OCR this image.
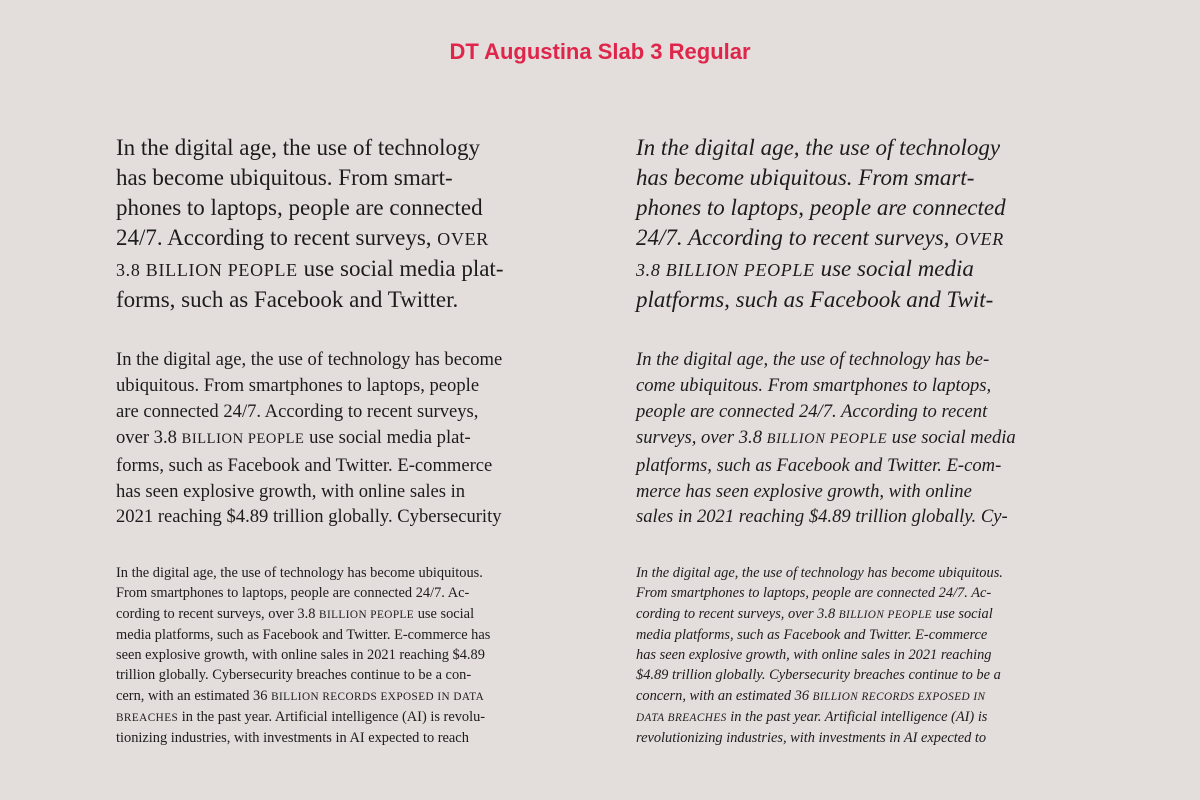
DT Augustina Slab 3 Regular
In the digital age, the use of technology
has become ubiquitous. From smart-
phones to laptops, people are connected
24/7. According to recent surveys, OVER
3.8 BILLION PEOPLE use social media plat-
forms, such as Facebook and Twitter.
In the digital age, the use of technology has become
ubiquitous. From smartphones to laptops, people
are connected 24/7. According to recent surveys,
over 3.8 BILLION PEOPLE use social media plat-
forms, such as Facebook and Twitter. E-commerce
has seen explosive growth, with online sales in
2021 reaching $4.89 trillion globally. Cybersecurity
In the digital age, the use of technology has become ubiquitous.
From smartphones to laptops, people are connected 24/7. Ac-
cording to recent surveys, over 3.8 BILLION PEOPLE use social
media platforms, such as Facebook and Twitter. E-commerce has
seen explosive growth, with online sales in 2021 reaching $4.89
trillion globally. Cybersecurity breaches continue to be a con-
cern, with an estimated 36 BILLION RECORDS EXPOSED IN DATA
BREACHES in the past year. Artificial intelligence (AI) is revolu-
tionizing industries, with investments in AI expected to reach
In the digital age, the use of technology
has become ubiquitous. From smart-
phones to laptops, people are connected
24/7. According to recent surveys, OVER
3.8 BILLION PEOPLE use social media
platforms, such as Facebook and Twit-
In the digital age, the use of technology has be-
come ubiquitous. From smartphones to laptops,
people are connected 24/7. According to recent
surveys, over 3.8 BILLION PEOPLE use social media
platforms, such as Facebook and Twitter. E-com-
merce has seen explosive growth, with online
sales in 2021 reaching $4.89 trillion globally. Cy-
In the digital age, the use of technology has become ubiquitous.
From smartphones to laptops, people are connected 24/7. Ac-
cording to recent surveys, over 3.8 BILLION PEOPLE use social
media platforms, such as Facebook and Twitter. E-commerce
has seen explosive growth, with online sales in 2021 reaching
$4.89 trillion globally. Cybersecurity breaches continue to be a
concern, with an estimated 36 BILLION RECORDS EXPOSED IN
DATA BREACHES in the past year. Artificial intelligence (AI) is
revolutionizing industries, with investments in AI expected to
